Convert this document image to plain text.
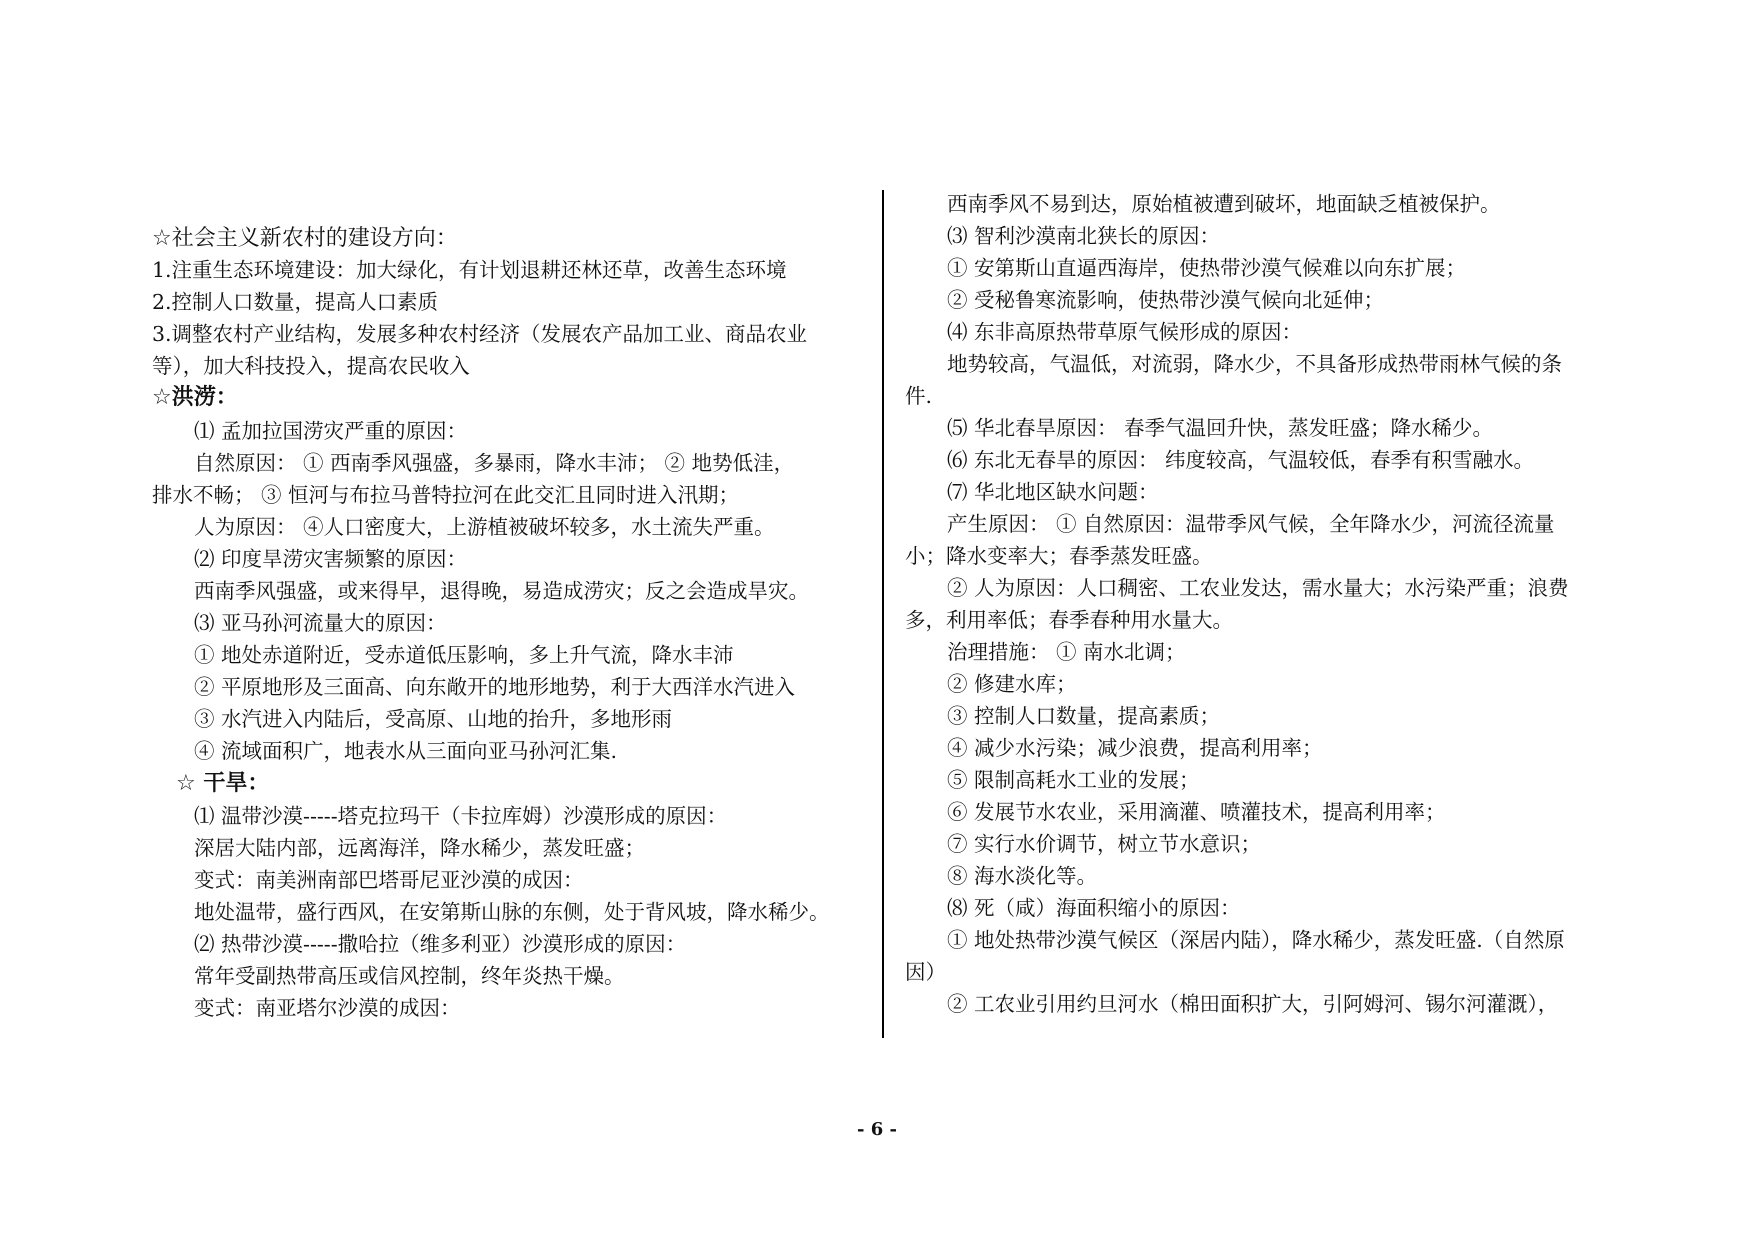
☆社会主义新农村的建设方向：
1.注重生态环境建设：加大绿化，有计划退耕还林还草，改善生态环境
2.控制人口数量，提高人口素质
3.调整农村产业结构，发展多种农村经济（发展农产品加工业、商品农业
等），加大科技投入，提高农民收入
☆洪涝：
⑴ 孟加拉国涝灾严重的原因：
自然原因： ① 西南季风强盛，多暴雨，降水丰沛； ② 地势低洼，
排水不畅； ③ 恒河与布拉马普特拉河在此交汇且同时进入汛期；
人为原因： ④人口密度大，上游植被破坏较多，水土流失严重。
⑵ 印度旱涝灾害频繁的原因：
西南季风强盛，或来得早，退得晚，易造成涝灾；反之会造成旱灾。
⑶ 亚马孙河流量大的原因：
① 地处赤道附近，受赤道低压影响，多上升气流，降水丰沛
② 平原地形及三面高、向东敞开的地形地势，利于大西洋水汽进入
③ 水汽进入内陆后，受高原、山地的抬升，多地形雨
④ 流域面积广，地表水从三面向亚马孙河汇集.
☆ 干旱：
⑴ 温带沙漠-----塔克拉玛干（卡拉库姆）沙漠形成的原因：
深居大陆内部，远离海洋，降水稀少，蒸发旺盛；
变式：南美洲南部巴塔哥尼亚沙漠的成因：
地处温带，盛行西风，在安第斯山脉的东侧，处于背风坡，降水稀少。
⑵ 热带沙漠-----撒哈拉（维多利亚）沙漠形成的原因：
常年受副热带高压或信风控制，终年炎热干燥。
变式：南亚塔尔沙漠的成因：
西南季风不易到达，原始植被遭到破坏，地面缺乏植被保护。
⑶ 智利沙漠南北狭长的原因：
① 安第斯山直逼西海岸，使热带沙漠气候难以向东扩展；
② 受秘鲁寒流影响，使热带沙漠气候向北延伸；
⑷ 东非高原热带草原气候形成的原因：
地势较高，气温低，对流弱，降水少，不具备形成热带雨林气候的条
件.
⑸ 华北春旱原因： 春季气温回升快，蒸发旺盛；降水稀少。
⑹ 东北无春旱的原因： 纬度较高，气温较低，春季有积雪融水。
⑺ 华北地区缺水问题：
产生原因： ① 自然原因：温带季风气候，全年降水少，河流径流量
小；降水变率大；春季蒸发旺盛。
② 人为原因：人口稠密、工农业发达，需水量大；水污染严重；浪费
多，利用率低；春季春种用水量大。
治理措施： ① 南水北调；
② 修建水库；
③ 控制人口数量，提高素质；
④ 减少水污染；减少浪费，提高利用率；
⑤ 限制高耗水工业的发展；
⑥ 发展节水农业，采用滴灌、喷灌技术，提高利用率；
⑦ 实行水价调节，树立节水意识；
⑧ 海水淡化等。
⑻ 死（咸）海面积缩小的原因：
① 地处热带沙漠气候区（深居内陆），降水稀少，蒸发旺盛.（自然原
因）
② 工农业引用约旦河水（棉田面积扩大，引阿姆河、锡尔河灌溉），
- 6 -
